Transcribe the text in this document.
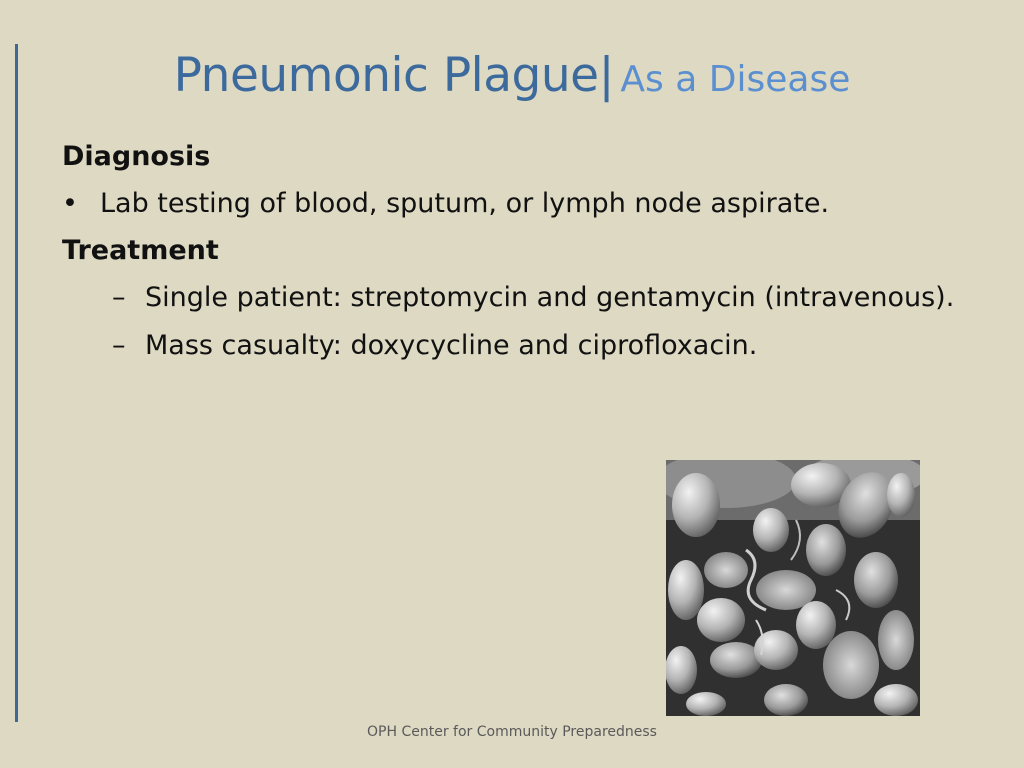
Pneumonic Plague| As a Disease
Diagnosis
• Lab testing of blood, sputum, or lymph node aspirate.
Treatment
– Single patient: streptomycin and gentamycin (intravenous).
– Mass casualty: doxycycline and ciprofloxacin.
OPH Center for Community Preparedness
